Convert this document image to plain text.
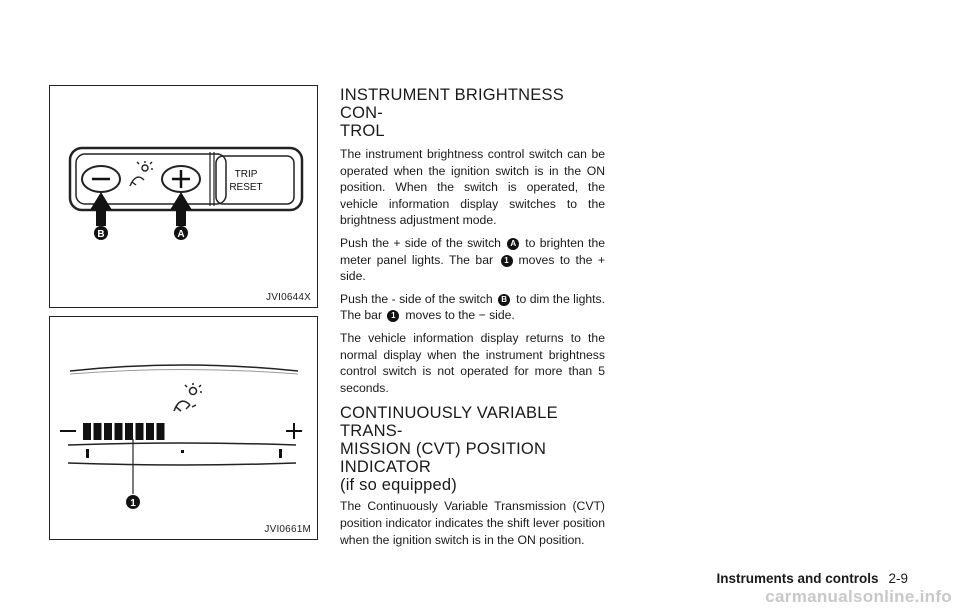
TRIP
RESET
B	A
JVI0644X
1
JVI0661M
INSTRUMENT BRIGHTNESS CON-
TROL

The instrument brightness control switch can be operated when the ignition switch is in the ON position. When the switch is operated, the vehicle information display switches to the brightness adjustment mode.

Push the + side of the switch A to brighten the meter panel lights. The bar 1 moves to the + side.

Push the - side of the switch B to dim the lights. The bar 1 moves to the − side.

The vehicle information display returns to the normal display when the instrument brightness control switch is not operated for more than 5 seconds.

CONTINUOUSLY VARIABLE TRANS-
MISSION (CVT) POSITION INDICATOR
(if so equipped)

The Continuously Variable Transmission (CVT) position indicator indicates the shift lever position when the ignition switch is in the ON position.

Instruments and controls 2-9
carmanualsonline.info
